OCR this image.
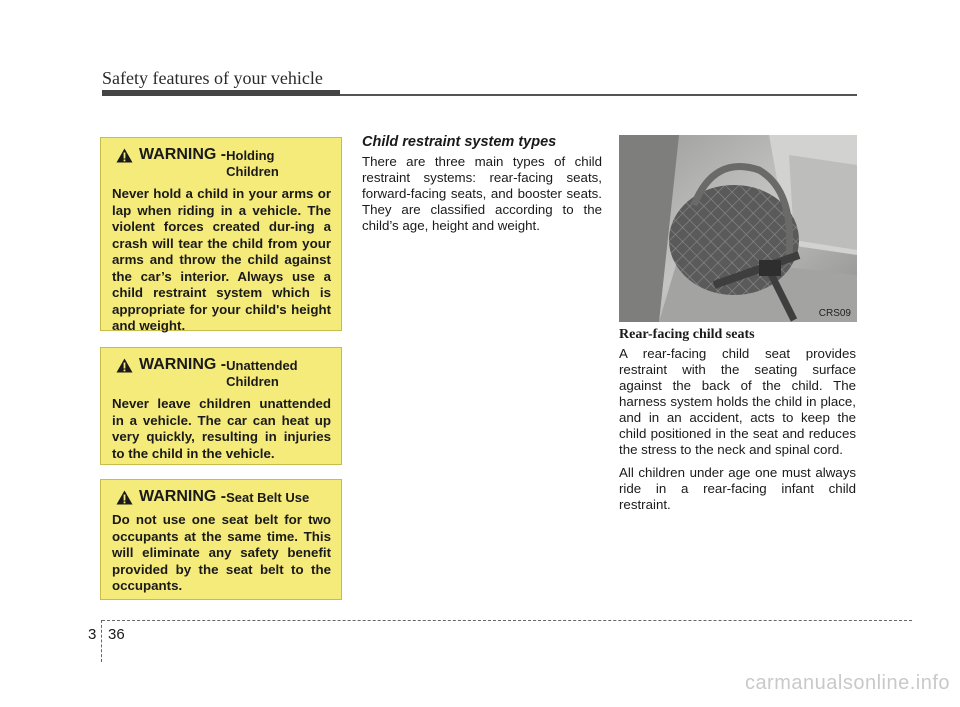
Safety features of your vehicle
WARNING - Holding
Children
Never hold a child in your arms or lap when riding in a vehicle. The violent forces created dur-ing a crash will tear the child from your arms and throw the child against the car’s interior. Always use a child restraint system which is appropriate for your child's height and weight.
WARNING - Unattended
Children
Never leave children unattended in a vehicle. The car can heat up very quickly, resulting in injuries to the child in the vehicle.
WARNING - Seat Belt Use
Do not use one seat belt for two occupants at the same time. This will eliminate any safety benefit provided by the seat belt to the occupants.
Child restraint system types
There are three main types of child restraint systems: rear-facing seats, forward-facing seats, and booster seats. They are classified according to the child’s age, height and weight.
CRS09
Rear-facing child seats

A rear-facing child seat provides restraint with the seating surface against the back of the child. The harness system holds the child in place, and in an accident, acts to keep the child positioned in the seat and reduces the stress to the neck and spinal cord.

All children under age one must always ride in a rear-facing infant child restraint.

3 36
carmanualsonline.info
